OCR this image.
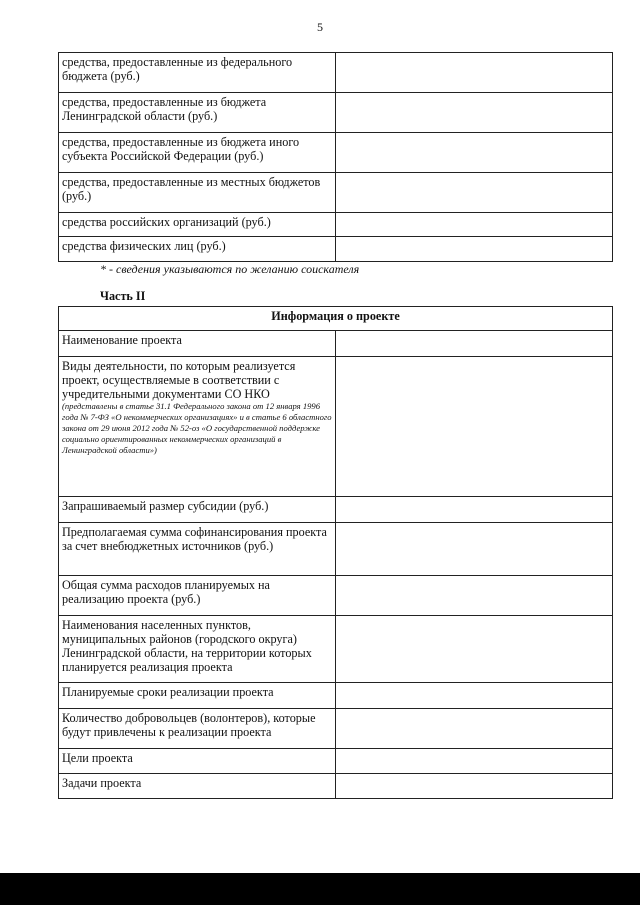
5
средства, предоставленные из федерального бюджета (руб.)	
средства, предоставленные из бюджета Ленинградской области (руб.)	
средства, предоставленные из бюджета иного субъекта Российской Федерации (руб.)	
средства, предоставленные из местных бюджетов (руб.)	
средства российских организаций (руб.)	
средства физических лиц (руб.)	
* - сведения указываются по желанию соискателя
Часть II
Информация о проекте	
Наименование проекта	
Виды деятельности, по которым реализуется проект, осуществляемые в соответствии с учредительными документами СО НКО
(представлены в статье 31.1 Федерального закона от 12 января 1996 года № 7-ФЗ «О некоммерческих организациях» и в статье 6 областного закона от 29 июня 2012 года № 52-оз «О государственной поддержке социально ориентированных некоммерческих организаций в Ленинградской области»)	

Запрашиваемый размер субсидии (руб.)	
Предполагаемая сумма софинансирования проекта за счет внебюджетных источников (руб.)	
Общая сумма расходов планируемых на реализацию проекта (руб.)	
Наименования населенных пунктов, муниципальных районов (городского округа) Ленинградской области, на территории которых планируется реализация проекта	
Планируемые сроки реализации проекта	
Количество добровольцев (волонтеров), которые будут привлечены к реализации проекта	
Цели проекта	
Задачи проекта	
